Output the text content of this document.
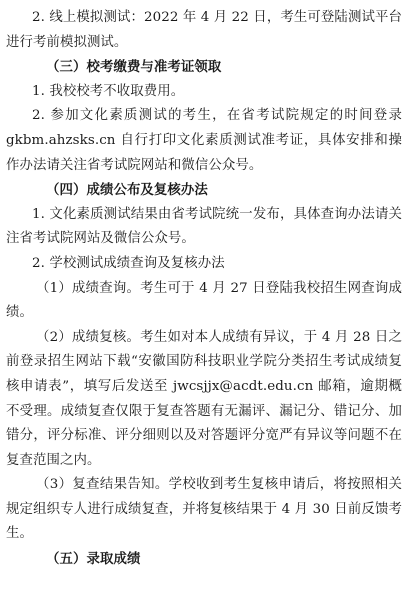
2. 线上模拟测试：2022 年 4 月 22 日，考生可登陆测试平台进行考前模拟测试。

（三）校考缴费与准考证领取

1. 我校校考不收取费用。

2. 参加文化素质测试的考生，在省考试院规定的时间登录 gkbm.ahzsks.cn 自行打印文化素质测试准考证，具体安排和操作办法请关注省考试院网站和微信公众号。

（四）成绩公布及复核办法

1. 文化素质测试结果由省考试院统一发布，具体查询办法请关注省考试院网站及微信公众号。

2. 学校测试成绩查询及复核办法

（1）成绩查询。考生可于 4 月 27 日登陆我校招生网查询成绩。

（2）成绩复核。考生如对本人成绩有异议，于 4 月 28 日之前登录招生网站下载“安徽国防科技职业学院分类招生考试成绩复核申请表”，填写后发送至 jwcsjjx@acdt.edu.cn 邮箱，逾期概不受理。成绩复查仅限于复查答题有无漏评、漏记分、错记分、加错分，评分标准、评分细则以及对答题评分宽严有异议等问题不在复查范围之内。

（3）复查结果告知。学校收到考生复核申请后，将按照相关规定组织专人进行成绩复查，并将复核结果于 4 月 30 日前反馈考生。

（五）录取成绩
